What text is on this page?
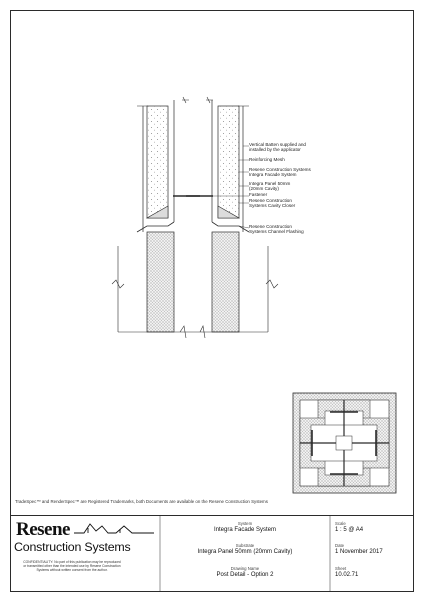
Vertical Batten supplied and
installed by the applicator
Reinforcing Mesh
Resene Construction Systems
Integra Facade System
Integra Panel 50mm
(20mm Cavity)
Fastener
Resene Construction
Systems Cavity Closer
Resene Construction
Systems Channel Flashing
TradeSpec™ and RenderSpec™ are Registered Trademarks, both Documents are available on the Resene Construction Systems
Resene
Construction Systems
CONFIDENTIALITY: No part of this publication may be reproduced or transmitted other than the intended use by Resene Construction Systems without written consent from the author.
System
Integra Facade System
Substrate
Integra Panel 50mm (20mm Cavity)
Drawing Name
Post Detail - Option 2
Scale
1 : 5 @ A4
Date
1 November 2017
Sheet
10.02.71
